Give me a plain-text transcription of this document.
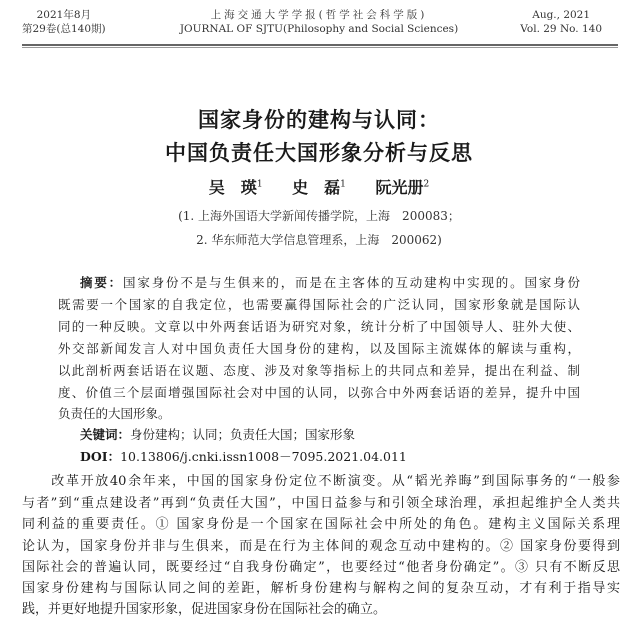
2021年8月
第29卷(总140期)
上海交通大学学报(哲学社会科学版)
JOURNAL OF SJTU(Philosophy and Social Sciences)
Aug., 2021
Vol. 29 No. 140
国家身份的建构与认同：
中国负责任大国形象分析与反思
吴　瑛$^1$ 史　磊$^1$ 阮光册$^2$
(1. 上海外国语大学新闻传播学院，上海　200083；
2. 华东师范大学信息管理系，上海　200062)
摘要：国家身份不是与生俱来的，而是在主客体的互动建构中实现的。国家身份
既需要一个国家的自我定位，也需要赢得国际社会的广泛认同，国家形象就是国际认
同的一种反映。文章以中外两套话语为研究对象，统计分析了中国领导人、驻外大使、
外交部新闻发言人对中国负责任大国身份的建构，以及国际主流媒体的解读与重构，
以此剖析两套话语在议题、态度、涉及对象等指标上的共同点和差异，提出在利益、制
度、价值三个层面增强国际社会对中国的认同，以弥合中外两套话语的差异，提升中国
负责任的大国形象。
关键词：身份建构；认同；负责任大国；国家形象
DOI：10.13806/j.cnki.issn1008－7095.2021.04.011
　　改革开放40余年来，中国的国家身份定位不断演变。从“韬光养晦”到国际事务的“一般参
与者”到“重点建设者”再到“负责任大国”，中国日益参与和引领全球治理，承担起维护全人类共
同利益的重要责任。① 国家身份是一个国家在国际社会中所处的角色。建构主义国际关系理
论认为，国家身份并非与生俱来，而是在行为主体间的观念互动中建构的。② 国家身份要得到
国际社会的普遍认同，既要经过“自我身份确定”，也要经过“他者身份确定”。③ 只有不断反思
国家身份建构与国际认同之间的差距，解析身份建构与解构之间的复杂互动，才有利于指导实
践，并更好地提升国家形象，促进国家身份在国际社会的确立。
